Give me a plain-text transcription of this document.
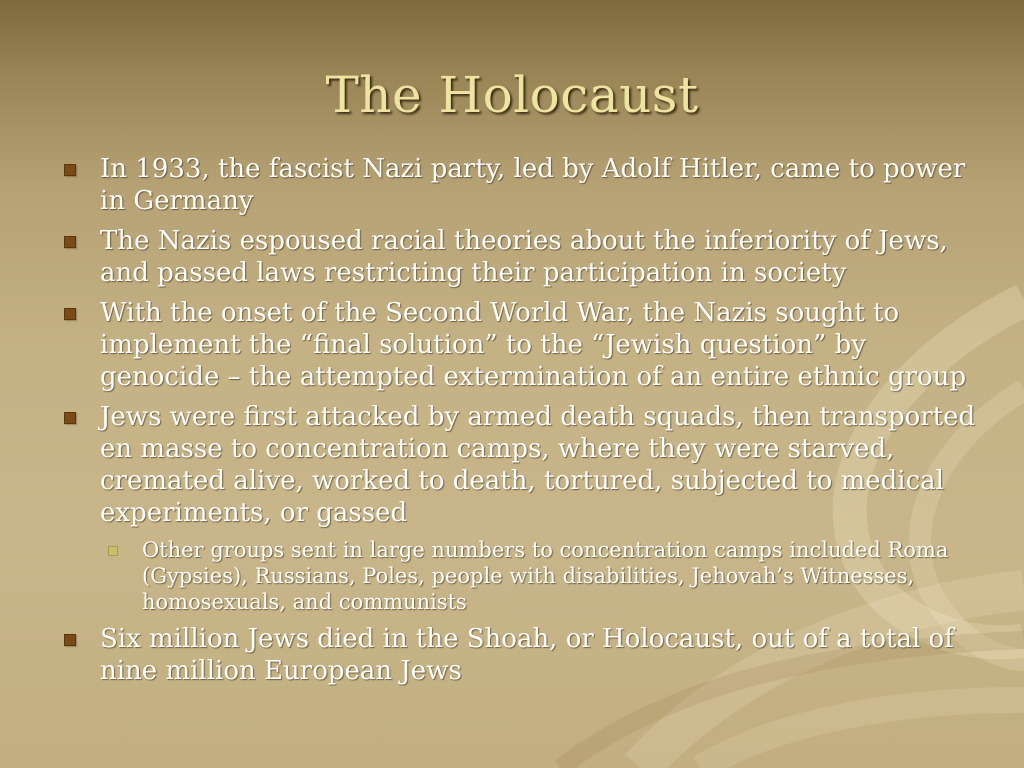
The Holocaust
In 1933, the fascist Nazi party, led by Adolf Hitler, came to power in Germany
The Nazis espoused racial theories about the inferiority of Jews, and passed laws restricting their participation in society
With the onset of the Second World War, the Nazis sought to implement the “final solution” to the “Jewish question” by genocide – the attempted extermination of an entire ethnic group
Jews were first attacked by armed death squads, then transported en masse to concentration camps, where they were starved, cremated alive, worked to death, tortured, subjected to medical experiments, or gassed
Other groups sent in large numbers to concentration camps included Roma (Gypsies), Russians, Poles, people with disabilities, Jehovah’s Witnesses, homosexuals, and communists
Six million Jews died in the Shoah, or Holocaust, out of a total of nine million European Jews
